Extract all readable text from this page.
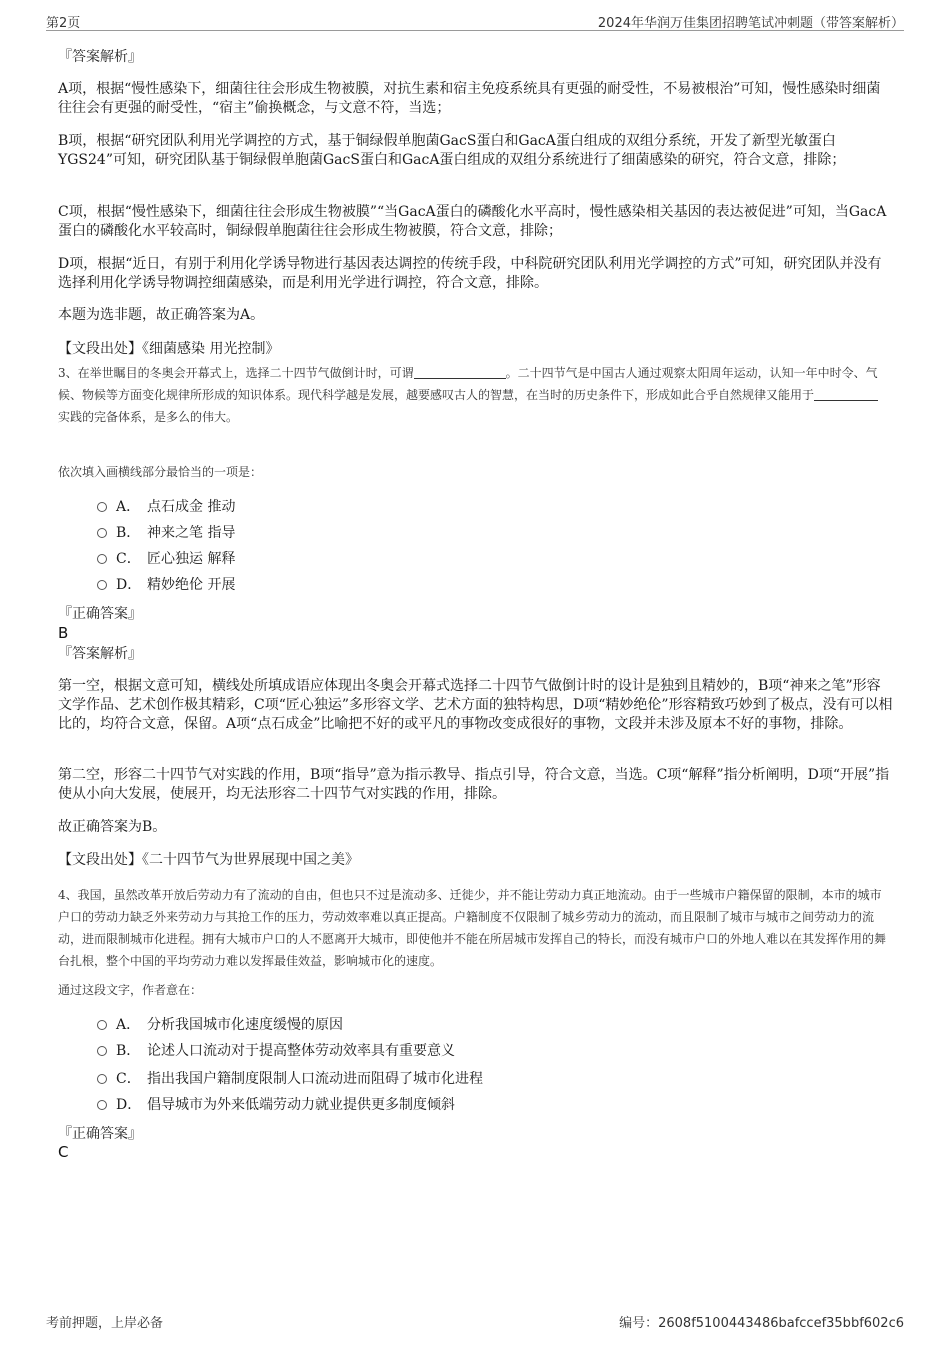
第2页	2024年华润万佳集团招聘笔试冲刺题（带答案解析）
『答案解析』
A项，根据“慢性感染下，细菌往往会形成生物被膜，对抗生素和宿主免疫系统具有更强的耐受性，不易被根治”可知，慢性感染时细菌往往会有更强的耐受性，“宿主”偷换概念，与文意不符，当选；
B项，根据“研究团队利用光学调控的方式，基于铜绿假单胞菌GacS蛋白和GacA蛋白组成的双组分系统，开发了新型光敏蛋白YGS24”可知，研究团队基于铜绿假单胞菌GacS蛋白和GacA蛋白组成的双组分系统进行了细菌感染的研究，符合文意，排除；
C项，根据“慢性感染下，细菌往往会形成生物被膜”“当GacA蛋白的磷酸化水平高时，慢性感染相关基因的表达被促进”可知，当GacA蛋白的磷酸化水平较高时，铜绿假单胞菌往往会形成生物被膜，符合文意，排除；
D项，根据“近日，有别于利用化学诱导物进行基因表达调控的传统手段，中科院研究团队利用光学调控的方式”可知，研究团队并没有选择利用化学诱导物调控细菌感染，而是利用光学进行调控，符合文意，排除。
本题为选非题，故正确答案为A。
【文段出处】《细菌感染 用光控制》
3、在举世瞩目的冬奥会开幕式上，选择二十四节气做倒计时，可谓	。二十四节气是中国古人通过观察太阳周年运动，认知一年中时令、气候、物候等方面变化规律所形成的知识体系。现代科学越是发展，越要感叹古人的智慧，在当时的历史条件下，形成如此合乎自然规律又能用于实践的完备体系，是多么的伟大。
依次填入画横线部分最恰当的一项是：
A． 点石成金 推动
B． 神来之笔 指导
C． 匠心独运 解释
D． 精妙绝伦 开展
『正确答案』
B
『答案解析』
第一空，根据文意可知，横线处所填成语应体现出冬奥会开幕式选择二十四节气做倒计时的设计是独到且精妙的，B项“神来之笔”形容文学作品、艺术创作极其精彩，C项“匠心独运”多形容文学、艺术方面的独特构思，D项“精妙绝伦”形容精致巧妙到了极点，没有可以相比的，均符合文意，保留。A项“点石成金”比喻把不好的或平凡的事物改变成很好的事物，文段并未涉及原本不好的事物，排除。
第二空，形容二十四节气对实践的作用，B项“指导”意为指示教导、指点引导，符合文意，当选。C项“解释”指分析阐明，D项“开展”指使从小向大发展，使展开，均无法形容二十四节气对实践的作用，排除。
故正确答案为B。
【文段出处】《二十四节气为世界展现中国之美》
4、我国，虽然改革开放后劳动力有了流动的自由，但也只不过是流动多、迁徙少，并不能让劳动力真正地流动。由于一些城市户籍保留的限制，本市的城市户口的劳动力缺乏外来劳动力与其抢工作的压力，劳动效率难以真正提高。户籍制度不仅限制了城乡劳动力的流动，而且限制了城市与城市之间劳动力的流动，进而限制城市化进程。拥有大城市户口的人不愿离开大城市，即使他并不能在所居城市发挥自己的特长，而没有城市户口的外地人难以在其发挥作用的舞台扎根，整个中国的平均劳动力难以发挥最佳效益，影响城市化的速度。
通过这段文字，作者意在：
A． 分析我国城市化速度缓慢的原因
B． 论述人口流动对于提高整体劳动效率具有重要意义
C． 指出我国户籍制度限制人口流动进而阻碍了城市化进程
D． 倡导城市为外来低端劳动力就业提供更多制度倾斜
『正确答案』
C
考前押题，上岸必备	编号：2608f5100443486bafccef35bbf602c6
